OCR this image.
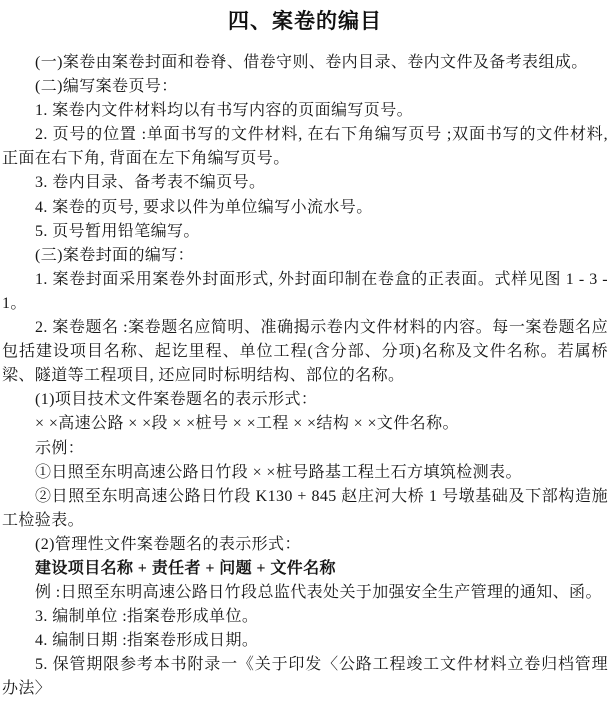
四、案卷的编目

(一)案卷由案卷封面和卷脊、借卷守则、卷内目录、卷内文件及备考表组成。

(二)编写案卷页号：

1. 案卷内文件材料均以有书写内容的页面编写页号。

2. 页号的位置 :单面书写的文件材料, 在右下角编写页号 ;双面书写的文件材料, 正面在右下角, 背面在左下角编写页号。

3. 卷内目录、备考表不编页号。

4. 案卷的页号, 要求以件为单位编写小流水号。

5. 页号暂用铅笔编写。

(三)案卷封面的编写：

1. 案卷封面采用案卷外封面形式, 外封面印制在卷盒的正表面。式样见图 1 - 3 - 1。

2. 案卷题名 :案卷题名应简明、准确揭示卷内文件材料的内容。每一案卷题名应包括建设项目名称、起讫里程、单位工程(含分部、分项)名称及文件名称。若属桥梁、隧道等工程项目, 还应同时标明结构、部位的名称。

(1)项目技术文件案卷题名的表示形式：

× ×高速公路 × ×段 × ×桩号 × ×工程 × ×结构 × ×文件名称。

示例：

①日照至东明高速公路日竹段 × ×桩号路基工程土石方填筑检测表。

②日照至东明高速公路日竹段 K130 + 845 赵庄河大桥 1 号墩基础及下部构造施工检验表。

(2)管理性文件案卷题名的表示形式：

建设项目名称 + 责任者 + 问题 + 文件名称

例 :日照至东明高速公路日竹段总监代表处关于加强安全生产管理的通知、函。

3. 编制单位 :指案卷形成单位。

4. 编制日期 :指案卷形成日期。

5. 保管期限参考本书附录一《关于印发〈公路工程竣工文件材料立卷归档管理办法〉
